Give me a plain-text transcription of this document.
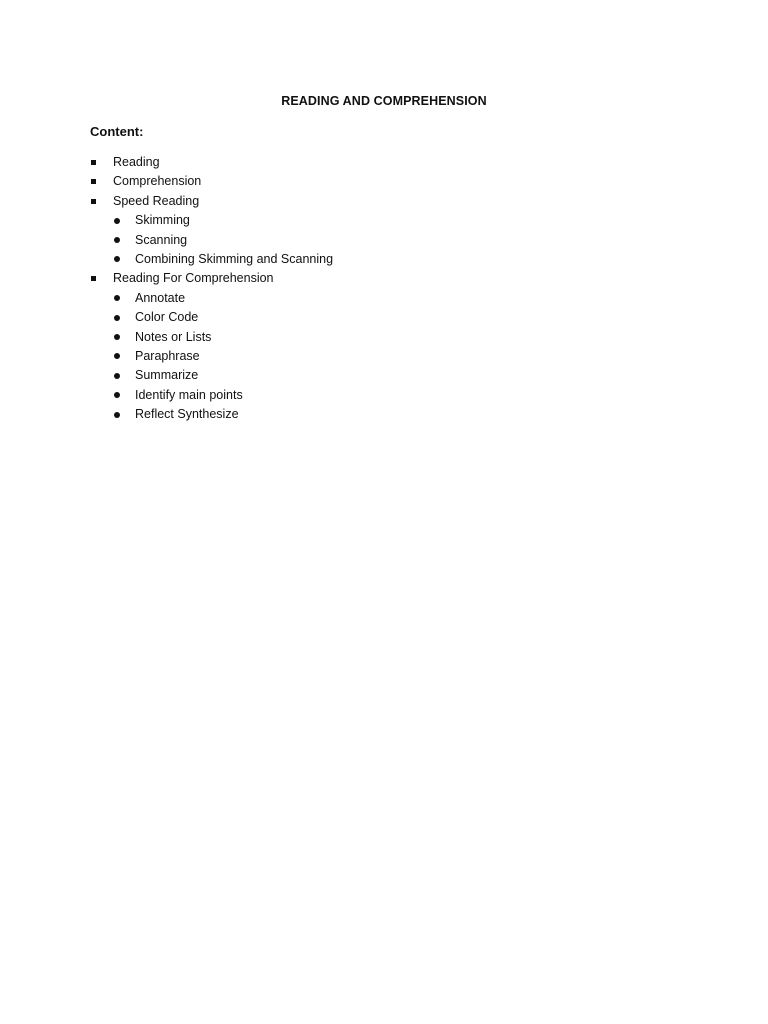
READING AND COMPREHENSION
Content:
Reading
Comprehension
Speed Reading
Skimming
Scanning
Combining Skimming and Scanning
Reading For Comprehension
Annotate
Color Code
Notes or Lists
Paraphrase
Summarize
Identify main points
Reflect Synthesize
